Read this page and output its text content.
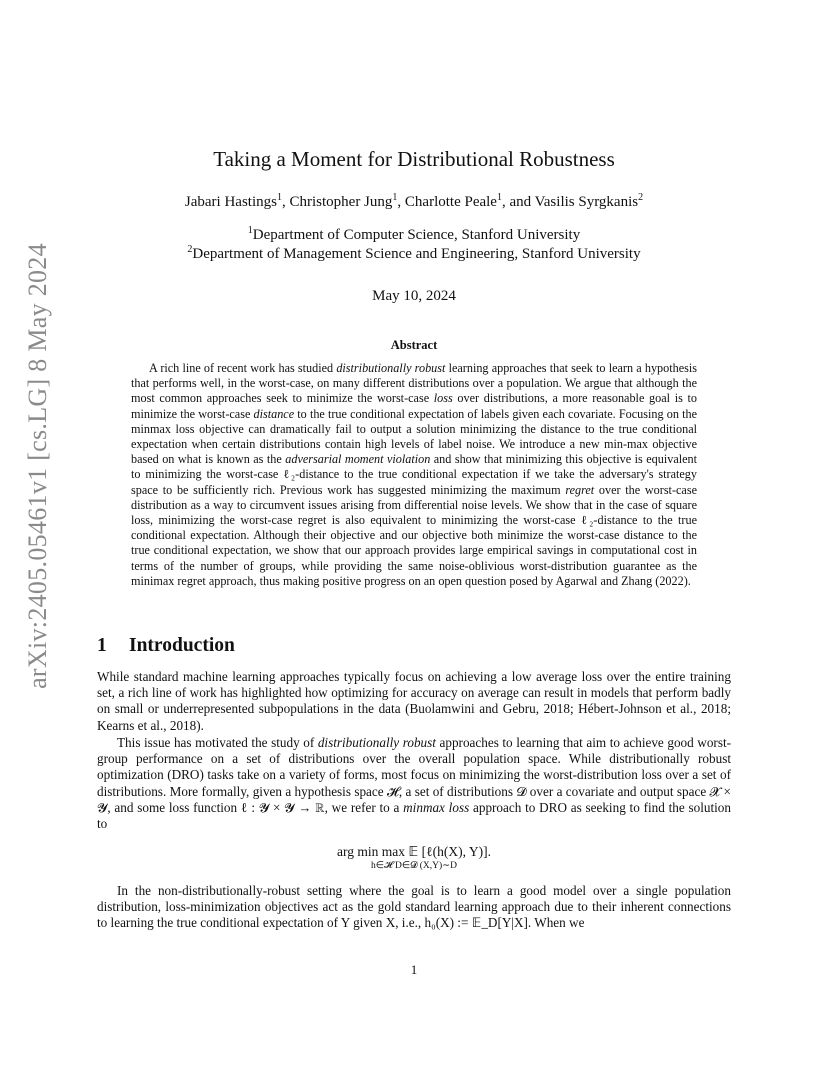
arXiv:2405.05461v1 [cs.LG] 8 May 2024
Taking a Moment for Distributional Robustness
Jabari Hastings$^1$, Christopher Jung$^1$, Charlotte Peale$^1$, and Vasilis Syrgkanis$^2$
$^1$Department of Computer Science, Stanford University
$^2$Department of Management Science and Engineering, Stanford University
May 10, 2024
Abstract
A rich line of recent work has studied distributionally robust learning approaches that seek to learn a hypothesis that performs well, in the worst-case, on many different distributions over a population. We argue that although the most common approaches seek to minimize the worst-case loss over distributions, a more reasonable goal is to minimize the worst-case distance to the true conditional expectation of labels given each covariate. Focusing on the minmax loss objective can dramatically fail to output a solution minimizing the distance to the true conditional expectation when certain distributions contain high levels of label noise. We introduce a new min-max objective based on what is known as the adversarial moment violation and show that minimizing this objective is equivalent to minimizing the worst-case ℓ₂-distance to the true conditional expectation if we take the adversary's strategy space to be sufficiently rich. Previous work has suggested minimizing the maximum regret over the worst-case distribution as a way to circumvent issues arising from differential noise levels. We show that in the case of square loss, minimizing the worst-case regret is also equivalent to minimizing the worst-case ℓ₂-distance to the true conditional expectation. Although their objective and our objective both minimize the worst-case distance to the true conditional expectation, we show that our approach provides large empirical savings in computational cost in terms of the number of groups, while providing the same noise-oblivious worst-distribution guarantee as the minimax regret approach, thus making positive progress on an open question posed by Agarwal and Zhang (2022).
1 Introduction
While standard machine learning approaches typically focus on achieving a low average loss over the entire training set, a rich line of work has highlighted how optimizing for accuracy on average can result in models that perform badly on small or underrepresented subpopulations in the data (Buolamwini and Gebru, 2018; Hébert-Johnson et al., 2018; Kearns et al., 2018).
This issue has motivated the study of distributionally robust approaches to learning that aim to achieve good worst-group performance on a set of distributions over the overall population space. While distributionally robust optimization (DRO) tasks take on a variety of forms, most focus on minimizing the worst-distribution loss over a set of distributions. More formally, given a hypothesis space 𝓗, a set of distributions 𝓓 over a covariate and output space 𝓧 × 𝓨, and some loss function ℓ : 𝓨 × 𝓨 → ℝ, we refer to a minmax loss approach to DRO as seeking to find the solution to
arg min max 𝔼 [ℓ(h(X), Y)].
h∈𝓗 D∈𝓓 (X,Y)∼D
In the non-distributionally-robust setting where the goal is to learn a good model over a single population distribution, loss-minimization objectives act as the gold standard learning approach due to their inherent connections to learning the true conditional expectation of Y given X, i.e., h₀(X) := 𝔼_D[Y|X]. When we
1
